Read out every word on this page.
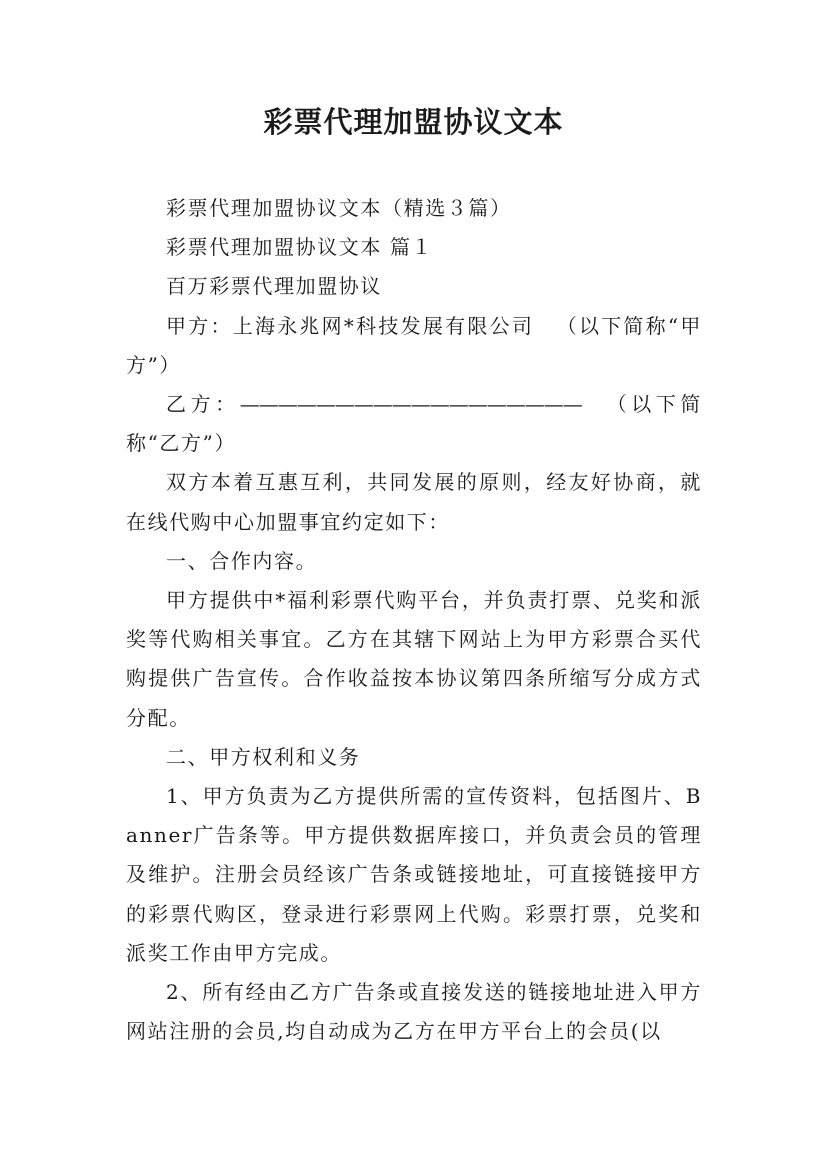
彩票代理加盟协议文本

彩票代理加盟协议文本（精选３篇）

彩票代理加盟协议文本 篇１

百万彩票代理加盟协议

甲方：上海永兆网*科技发展有限公司 （以下简称“甲方”）

乙方：—————————————————— （以下简称“乙方”）

双方本着互惠互利，共同发展的原则，经友好协商，就在线代购中心加盟事宜约定如下：

一、合作内容。

甲方提供中*福利彩票代购平台，并负责打票、兑奖和派奖等代购相关事宜。乙方在其辖下网站上为甲方彩票合买代购提供广告宣传。合作收益按本协议第四条所缩写分成方式分配。

二、甲方权利和义务

1、甲方负责为乙方提供所需的宣传资料，包括图片、Banner广告条等。甲方提供数据库接口，并负责会员的管理及维护。注册会员经该广告条或链接地址，可直接链接甲方的彩票代购区，登录进行彩票网上代购。彩票打票，兑奖和派奖工作由甲方完成。

2、所有经由乙方广告条或直接发送的链接地址进入甲方网站注册的会员,均自动成为乙方在甲方平台上的会员(以
